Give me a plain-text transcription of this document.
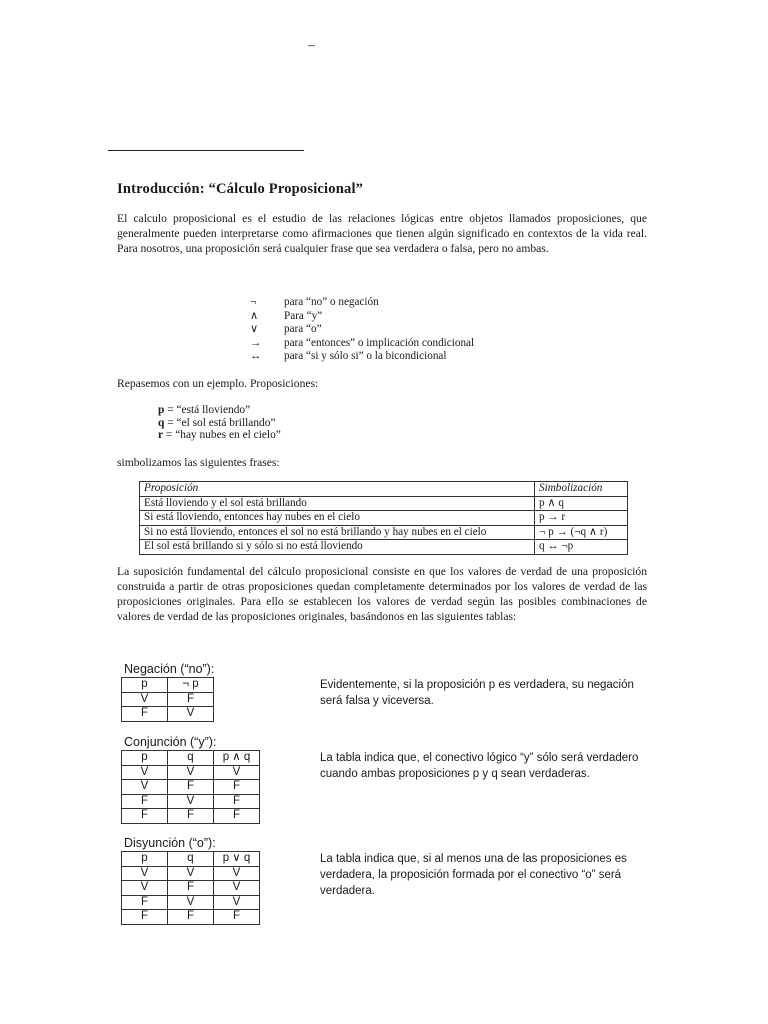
–
Introducción: “Cálculo Proposicional”
El calculo proposicional es el estudio de las relaciones lógicas entre objetos llamados proposiciones, que generalmente pueden interpretarse como afirmaciones que tienen algún significado en contextos de la vida real. Para nosotros, una proposición será cualquier frase que sea verdadera o falsa, pero no ambas.
¬	para “no” o negación
∧	Para “y”
∨	para “o”
→	para “entonces” o implicación condicional
↔	para “si y sólo si” o la bicondicional
Repasemos con un ejemplo. Proposiciones:
p = “está lloviendo”
q = “el sol está brillando”
r = “hay nubes en el cielo”
simbolizamos las siguientes frases:
Proposición	Simbolización
Está lloviendo y el sol está brillando	p ∧ q
Si está lloviendo, entonces hay nubes en el cielo	p → r
Si no está lloviendo, entonces el sol no está brillando y hay nubes en el cielo	¬ p → (¬q ∧ r)
El sol está brillando si y sólo si no está lloviendo	q ↔ ¬p
La suposición fundamental del cálculo proposicional consiste en que los valores de verdad de una proposición construida a partir de otras proposiciones quedan completamente determinados por los valores de verdad de las proposiciones originales. Para ello se establecen los valores de verdad según las posibles combinaciones de valores de verdad de las proposiciones originales, basándonos en las siguientes tablas:
Negación (“no”):
p	¬ p
V	F
F	V
Evidentemente, si la proposición p es verdadera, su negación será falsa y viceversa.
Conjunción (“y”):
p	q	p ∧ q
V	V	V
V	F	F
F	V	F
F	F	F
La tabla indica que, el conectivo lógico “y” sólo será verdadero cuando ambas proposiciones p y q sean verdaderas.
Disyunción (“o”):
p	q	p ∨ q
V	V	V
V	F	V
F	V	V
F	F	F
La tabla indica que, si al menos una de las proposiciones es verdadera, la proposición formada por el conectivo “o” será verdadera.
